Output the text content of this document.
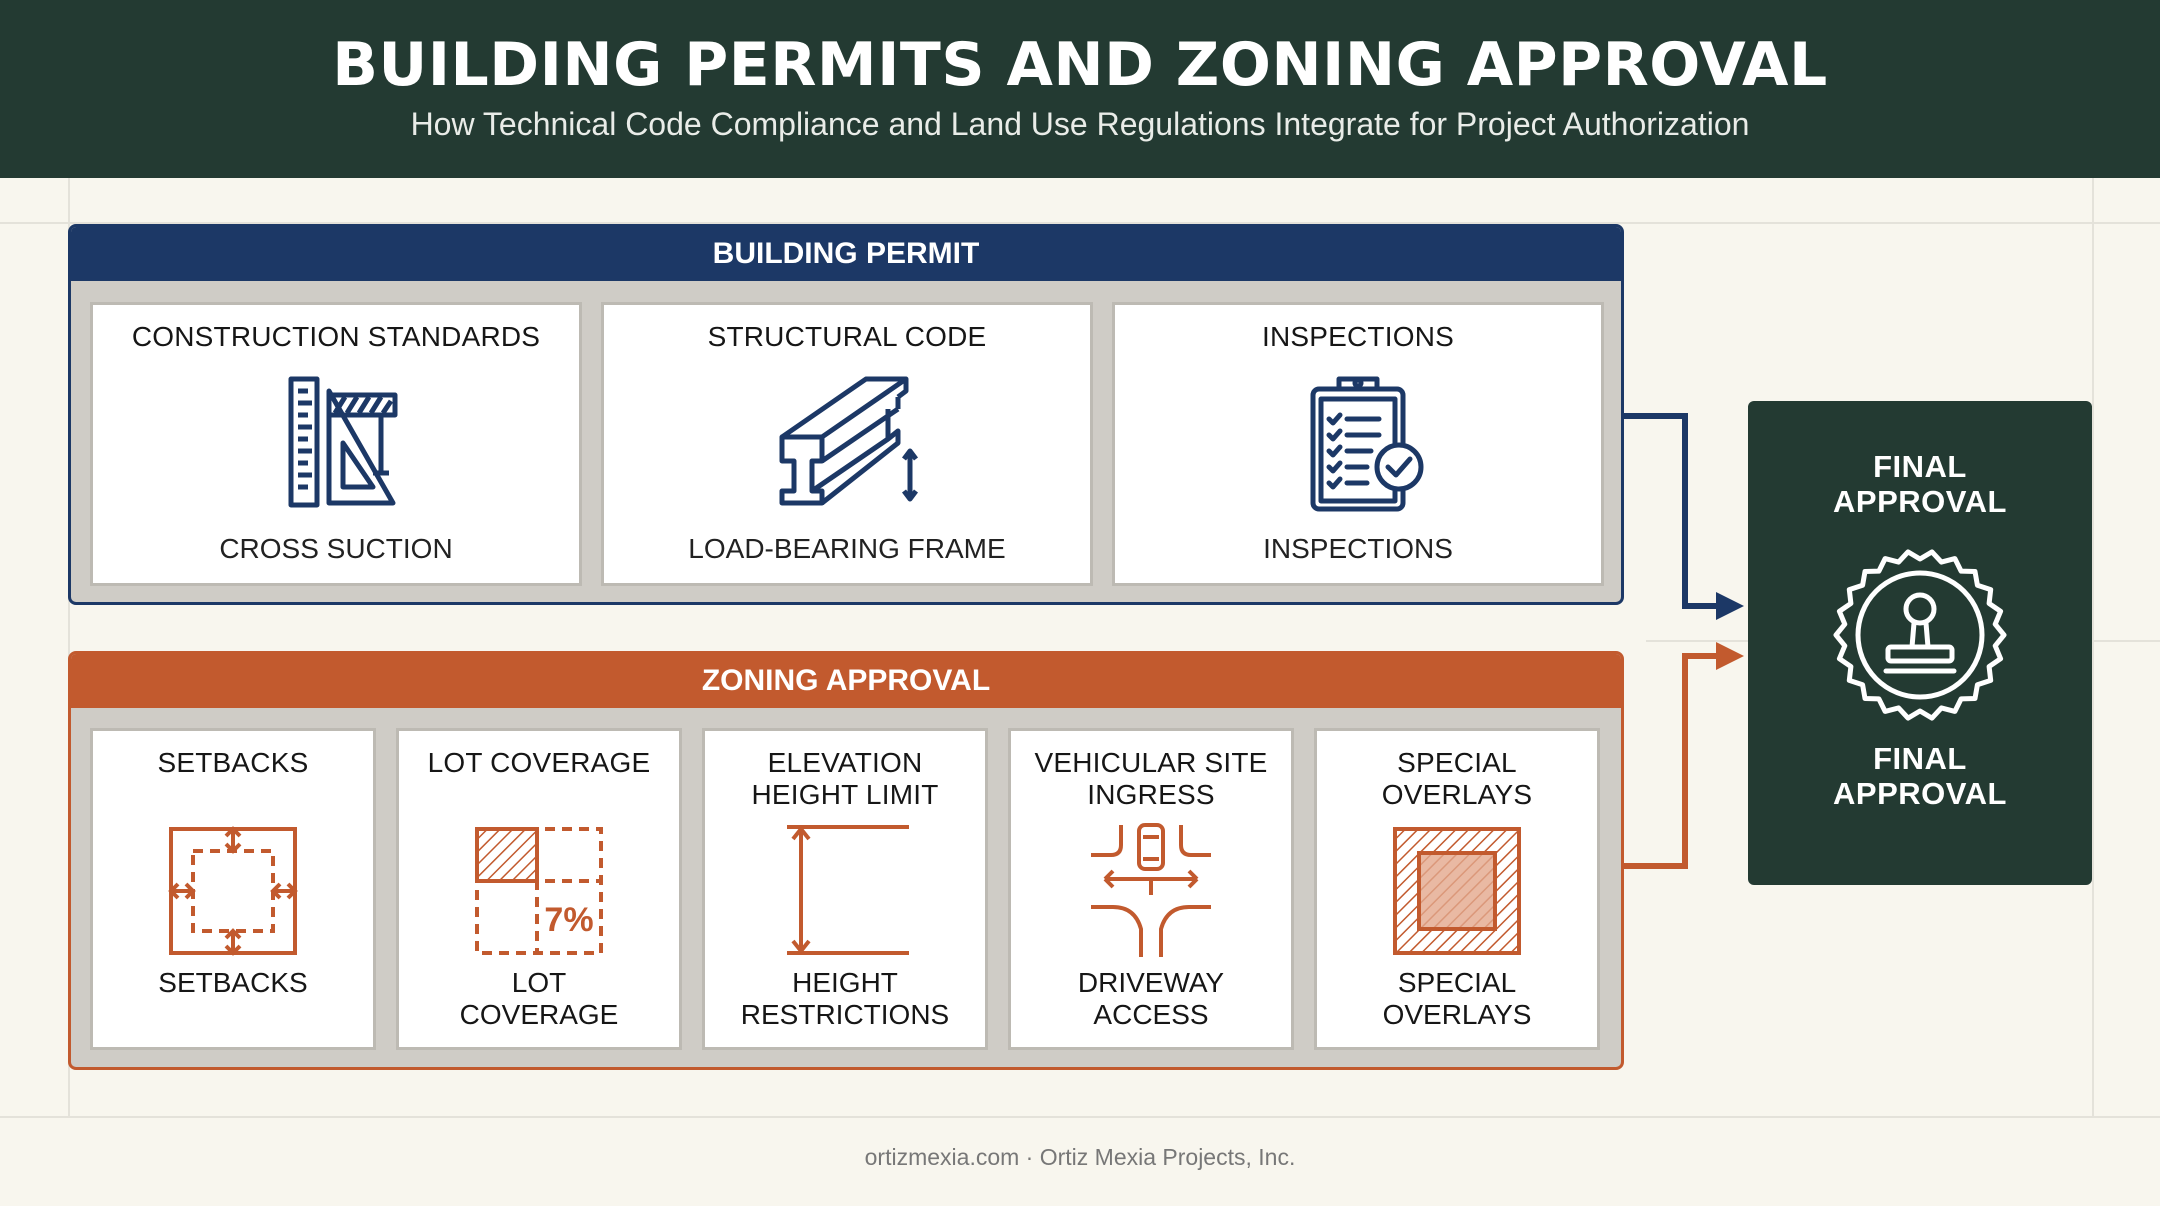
BUILDING PERMITS AND ZONING APPROVAL
How Technical Code Compliance and Land Use Regulations Integrate for Project Authorization
BUILDING PERMIT
CONSTRUCTION STANDARDS
CROSS SUCTION
STRUCTURAL CODE
LOAD-BEARING FRAME
INSPECTIONS
INSPECTIONS
ZONING APPROVAL
SETBACKS
SETBACKS
LOT COVERAGE
7%
LOT
COVERAGE
ELEVATION
HEIGHT LIMIT
HEIGHT
RESTRICTIONS
VEHICULAR SITE
INGRESS
DRIVEWAY
ACCESS
SPECIAL
OVERLAYS
SPECIAL
OVERLAYS
FINAL
APPROVAL
FINAL
APPROVAL
ortizmexia.com · Ortiz Mexia Projects, Inc.
